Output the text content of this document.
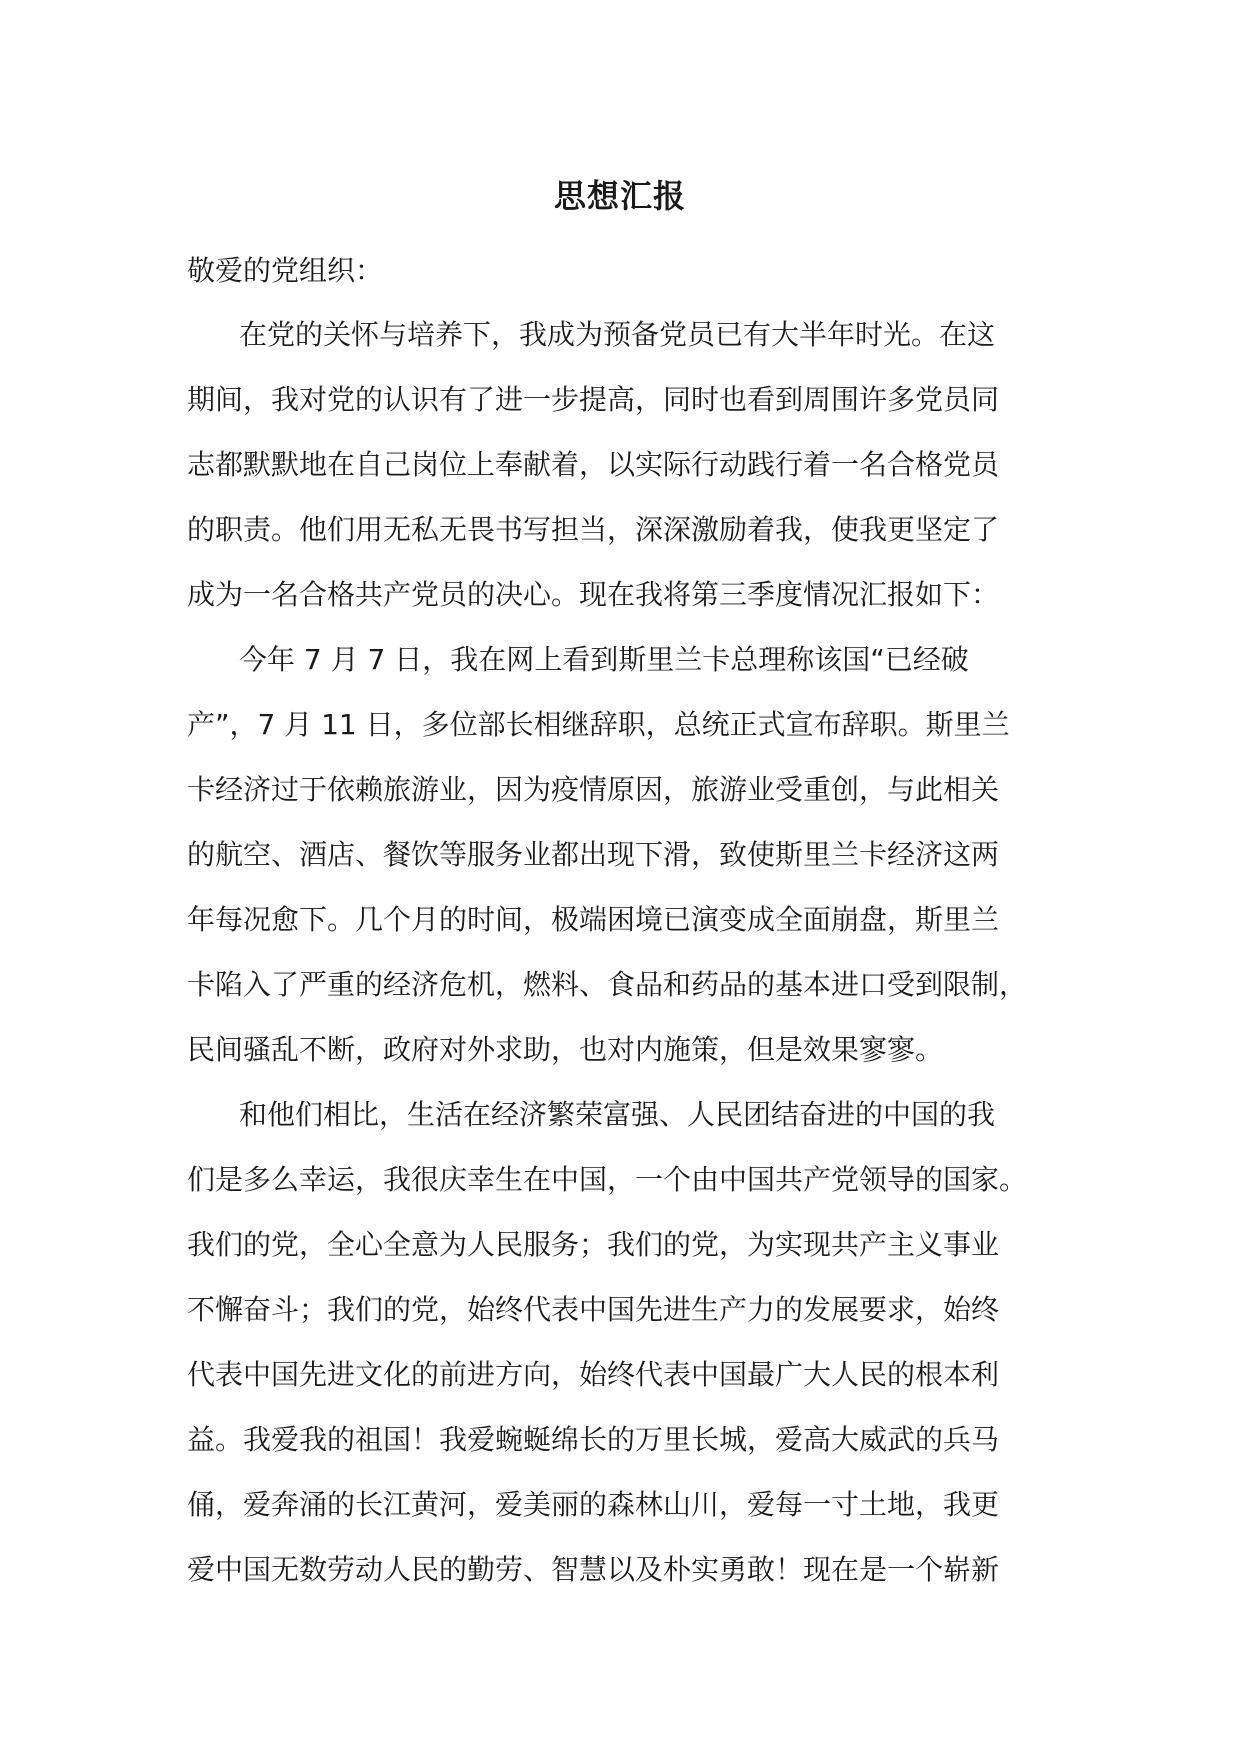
思想汇报
敬爱的党组织：
在党的关怀与培养下，我成为预备党员已有大半年时光。在这
期间，我对党的认识有了进一步提高，同时也看到周围许多党员同
志都默默地在自己岗位上奉献着，以实际行动践行着一名合格党员
的职责。他们用无私无畏书写担当，深深激励着我，使我更坚定了
成为一名合格共产党员的决心。现在我将第三季度情况汇报如下：
今年 7 月 7 日，我在网上看到斯里兰卡总理称该国“已经破
产”，7 月 11 日，多位部长相继辞职，总统正式宣布辞职。斯里兰
卡经济过于依赖旅游业，因为疫情原因，旅游业受重创，与此相关
的航空、酒店、餐饮等服务业都出现下滑，致使斯里兰卡经济这两
年每况愈下。几个月的时间，极端困境已演变成全面崩盘，斯里兰
卡陷入了严重的经济危机，燃料、食品和药品的基本进口受到限制，
民间骚乱不断，政府对外求助，也对内施策，但是效果寥寥。
和他们相比，生活在经济繁荣富强、人民团结奋进的中国的我
们是多么幸运，我很庆幸生在中国，一个由中国共产党领导的国家。
我们的党，全心全意为人民服务；我们的党，为实现共产主义事业
不懈奋斗；我们的党，始终代表中国先进生产力的发展要求，始终
代表中国先进文化的前进方向，始终代表中国最广大人民的根本利
益。我爱我的祖国！我爱蜿蜒绵长的万里长城，爱高大威武的兵马
俑，爱奔涌的长江黄河，爱美丽的森林山川，爱每一寸土地，我更
爱中国无数劳动人民的勤劳、智慧以及朴实勇敢！现在是一个崭新
